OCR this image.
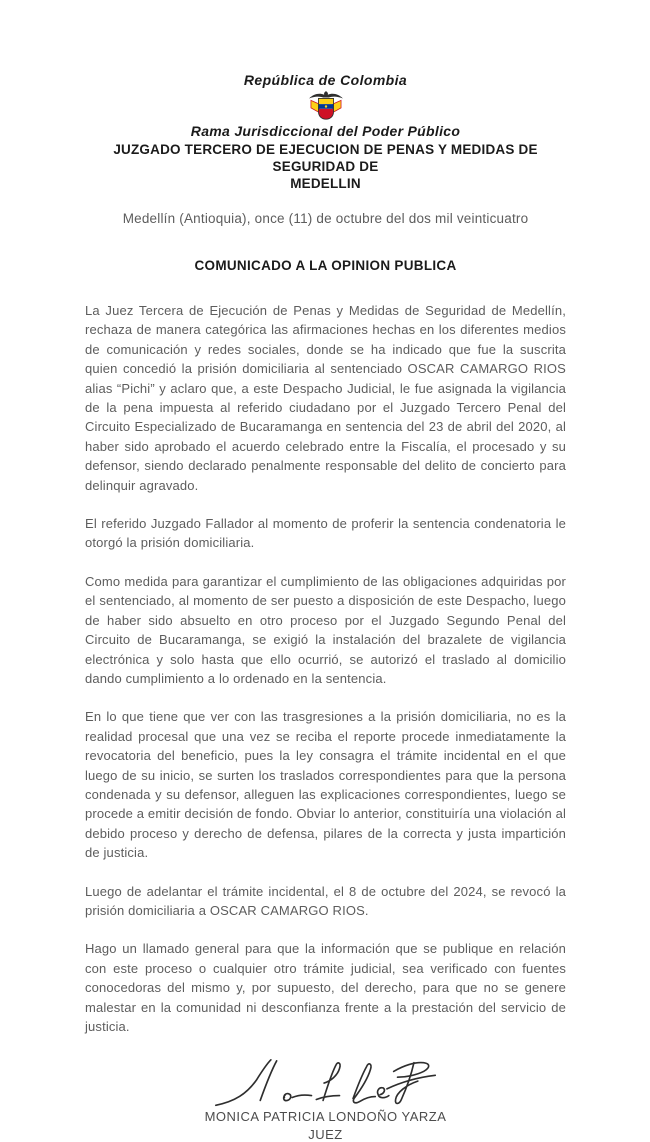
República de Colombia
Rama Jurisdiccional del Poder Público
JUZGADO TERCERO DE EJECUCION DE PENAS Y MEDIDAS DE SEGURIDAD DE
MEDELLIN
Medellín (Antioquia), once (11) de octubre del dos mil veinticuatro
COMUNICADO A LA OPINION PUBLICA

La Juez Tercera de Ejecución de Penas y Medidas de Seguridad de Medellín, rechaza de manera categórica las afirmaciones hechas en los diferentes medios de comunicación y redes sociales, donde se ha indicado que fue la suscrita quien concedió la prisión domiciliaria al sentenciado OSCAR CAMARGO RIOS alias “Pichi” y aclaro que, a este Despacho Judicial, le fue asignada la vigilancia de la pena impuesta al referido ciudadano por el Juzgado Tercero Penal del Circuito Especializado de Bucaramanga en sentencia del 23 de abril del 2020, al haber sido aprobado el acuerdo celebrado entre la Fiscalía, el procesado y su defensor, siendo declarado penalmente responsable del delito de concierto para delinquir agravado.

El referido Juzgado Fallador al momento de proferir la sentencia condenatoria le otorgó la prisión domiciliaria.

Como medida para garantizar el cumplimiento de las obligaciones adquiridas por el sentenciado, al momento de ser puesto a disposición de este Despacho, luego de haber sido absuelto en otro proceso por el Juzgado Segundo Penal del Circuito de Bucaramanga, se exigió la instalación del brazalete de vigilancia electrónica y solo hasta que ello ocurrió, se autorizó el traslado al domicilio dando cumplimiento a lo ordenado en la sentencia.

En lo que tiene que ver con las trasgresiones a la prisión domiciliaria, no es la realidad procesal que una vez se reciba el reporte procede inmediatamente la revocatoria del beneficio, pues la ley consagra el trámite incidental en el que luego de su inicio, se surten los traslados correspondientes para que la persona condenada y su defensor, alleguen las explicaciones correspondientes, luego se procede a emitir decisión de fondo. Obviar lo anterior, constituiría una violación al debido proceso y derecho de defensa, pilares de la correcta y justa impartición de justicia.

Luego de adelantar el trámite incidental, el 8 de octubre del 2024, se revocó la prisión domiciliaria a OSCAR CAMARGO RIOS.

Hago un llamado general para que la información que se publique en relación con este proceso o cualquier otro trámite judicial, sea verificado con fuentes conocedoras del mismo y, por supuesto, del derecho, para que no se genere malestar en la comunidad ni desconfianza frente a la prestación del servicio de justicia.

MONICA PATRICIA LONDOÑO YARZA
JUEZ
